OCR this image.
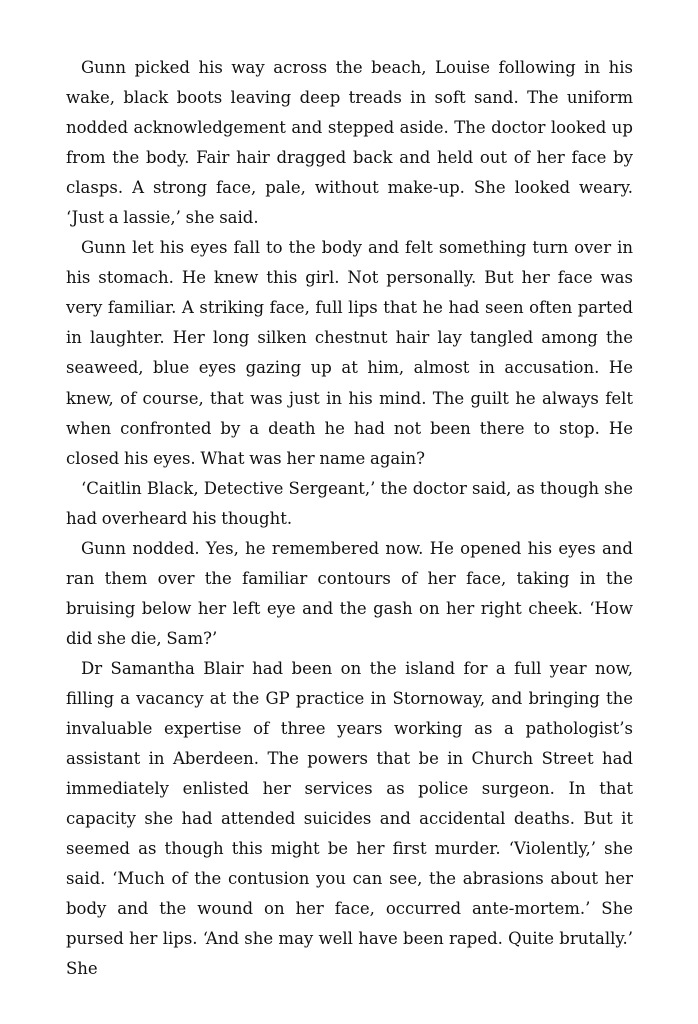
Gunn picked his way across the beach, Louise following in his wake, black boots leaving deep treads in soft sand. The uniform nodded acknowledgement and stepped aside. The doctor looked up from the body. Fair hair dragged back and held out of her face by clasps. A strong face, pale, without make-up. She looked weary. ‘Just a lassie,’ she said.

Gunn let his eyes fall to the body and felt something turn over in his stomach. He knew this girl. Not personally. But her face was very familiar. A striking face, full lips that he had seen often parted in laughter. Her long silken chestnut hair lay tangled among the seaweed, blue eyes gazing up at him, almost in accusation. He knew, of course, that was just in his mind. The guilt he always felt when confronted by a death he had not been there to stop. He closed his eyes. What was her name again?

‘Caitlin Black, Detective Sergeant,’ the doctor said, as though she had overheard his thought.

Gunn nodded. Yes, he remembered now. He opened his eyes and ran them over the familiar contours of her face, taking in the bruising below her left eye and the gash on her right cheek. ‘How did she die, Sam?’

Dr Samantha Blair had been on the island for a full year now, filling a vacancy at the GP practice in Stornoway, and bringing the invaluable expertise of three years working as a pathologist’s assistant in Aberdeen. The powers that be in Church Street had immediately enlisted her services as police surgeon. In that capacity she had attended suicides and accidental deaths. But it seemed as though this might be her first murder. ‘Violently,’ she said. ‘Much of the contusion you can see, the abrasions about her body and the wound on her face, occurred ante-mortem.’ She pursed her lips. ‘And she may well have been raped. Quite brutally.’ She
